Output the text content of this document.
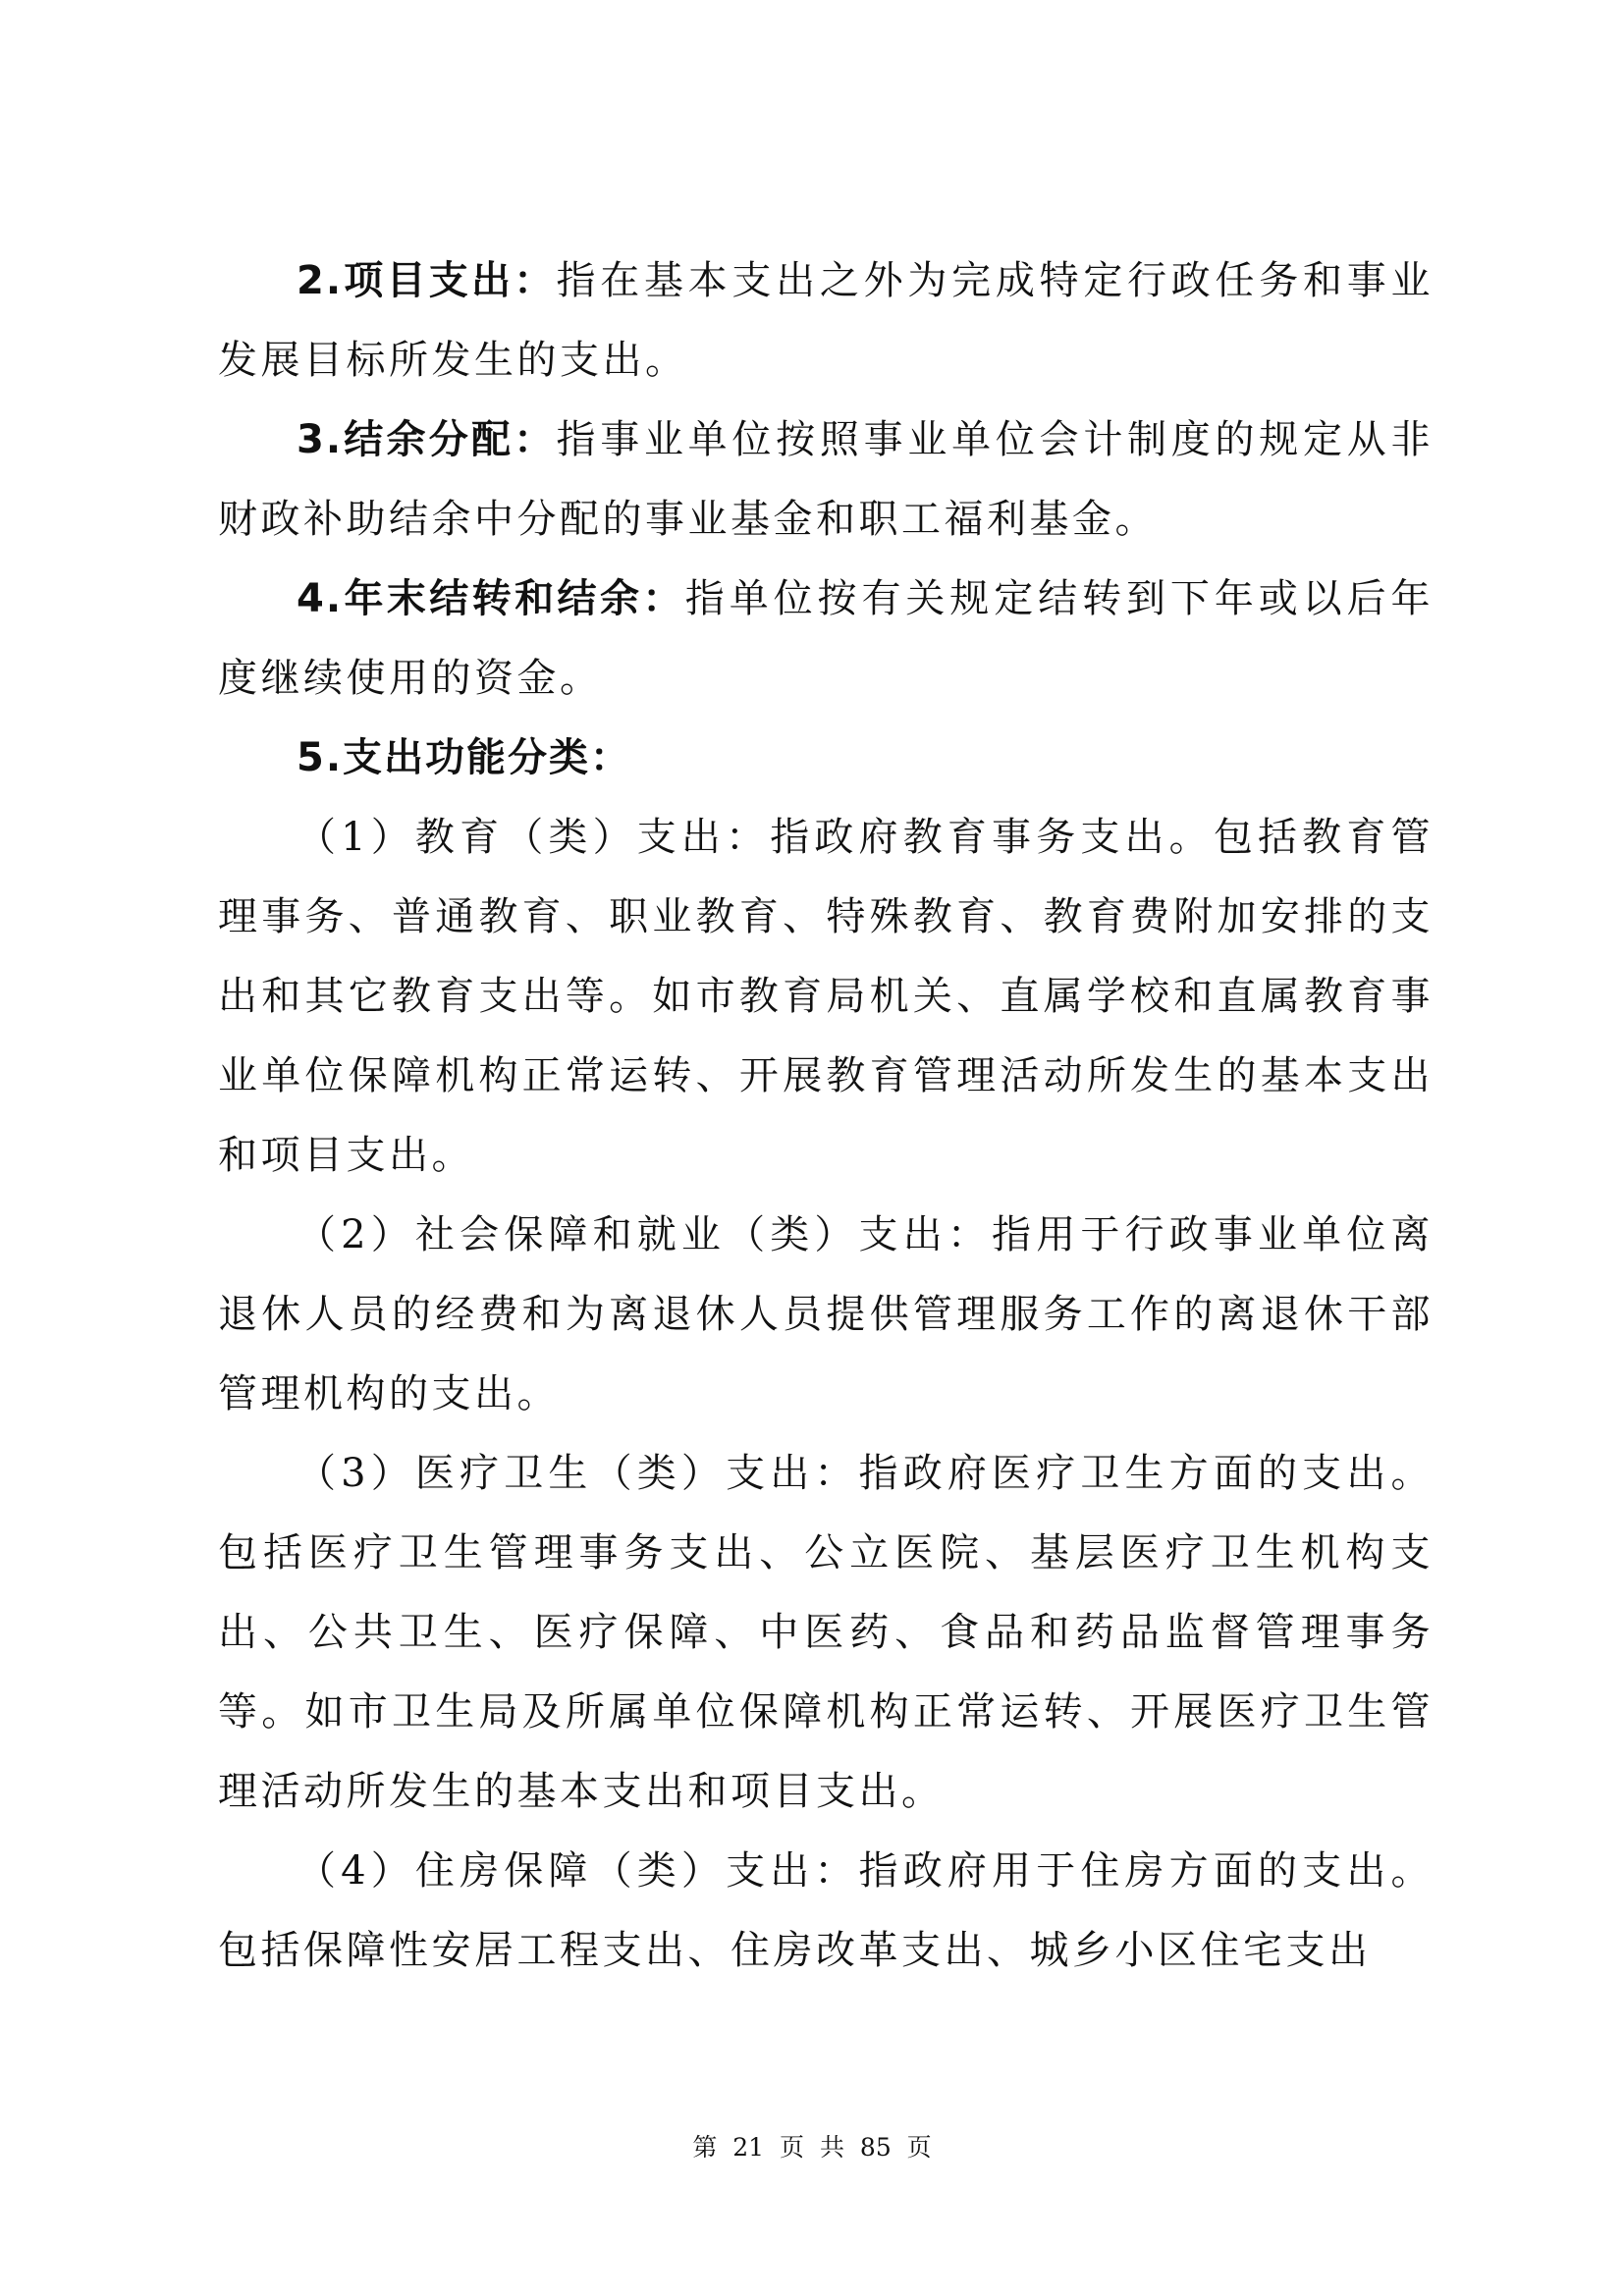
2.项目支出：指在基本支出之外为完成特定行政任务和事业发展目标所发生的支出。

3.结余分配：指事业单位按照事业单位会计制度的规定从非财政补助结余中分配的事业基金和职工福利基金。

4.年末结转和结余：指单位按有关规定结转到下年或以后年度继续使用的资金。

5.支出功能分类：

（1）教育（类）支出：指政府教育事务支出。包括教育管理事务、普通教育、职业教育、特殊教育、教育费附加安排的支出和其它教育支出等。如市教育局机关、直属学校和直属教育事业单位保障机构正常运转、开展教育管理活动所发生的基本支出和项目支出。

（2）社会保障和就业（类）支出：指用于行政事业单位离退休人员的经费和为离退休人员提供管理服务工作的离退休干部管理机构的支出。

（3）医疗卫生（类）支出：指政府医疗卫生方面的支出。包括医疗卫生管理事务支出、公立医院、基层医疗卫生机构支出、公共卫生、医疗保障、中医药、食品和药品监督管理事务等。如市卫生局及所属单位保障机构正常运转、开展医疗卫生管理活动所发生的基本支出和项目支出。

（4）住房保障（类）支出：指政府用于住房方面的支出。包括保障性安居工程支出、住房改革支出、城乡小区住宅支出

第 21 页 共 85 页
